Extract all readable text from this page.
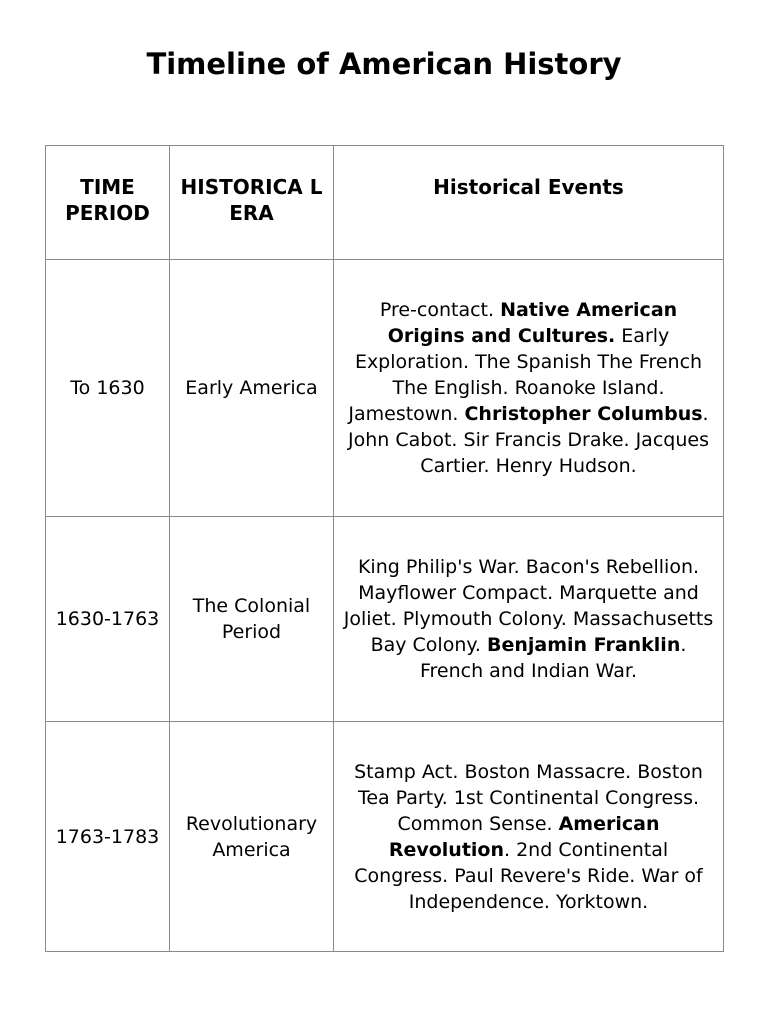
Timeline of American History
TIME PERIOD	HISTORICA L ERA	Historical Events
To 1630	Early America	Pre-contact. Native American Origins and Cultures. Early Exploration. The Spanish The French The English. Roanoke Island. Jamestown. Christopher Columbus. John Cabot. Sir Francis Drake. Jacques Cartier. Henry Hudson.
1630-1763	The Colonial Period	King Philip's War. Bacon's Rebellion. Mayflower Compact. Marquette and Joliet. Plymouth Colony. Massachusetts Bay Colony. Benjamin Franklin. French and Indian War.
1763-1783	Revolutionary America	Stamp Act. Boston Massacre. Boston Tea Party. 1st Continental Congress. Common Sense. American Revolution. 2nd Continental Congress. Paul Revere's Ride. War of Independence. Yorktown.
